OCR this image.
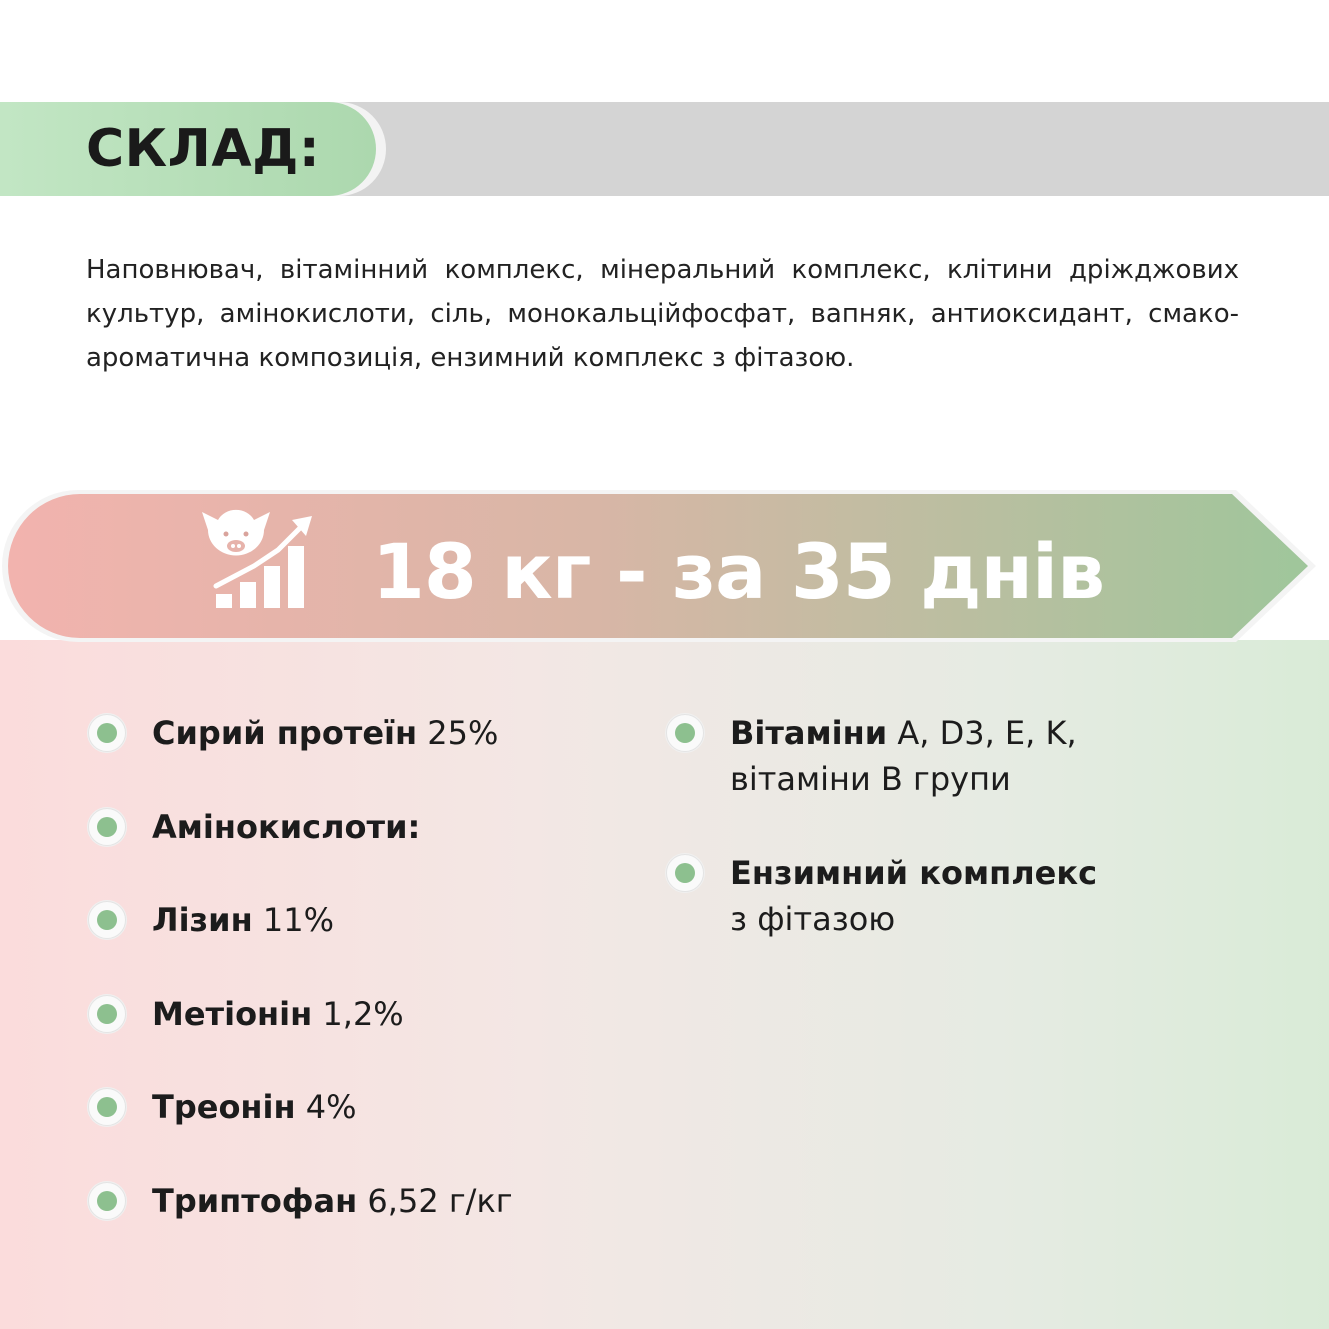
СКЛАД:

Наповнювач, вітамінний комплекс, мінеральний комплекс, клітини дріжджових культур, амінокислоти, сіль, монокальційфосфат, вапняк, антиоксидант, смако-ароматична композиція, ензимний комплекс з фітазою.

18 кг - за 35 днів
Сирий протеїн 25%
Амінокислоти:
Лізин 11%
Метіонін 1,2%
Треонін 4%
Триптофан 6,52 г/кг
Вітаміни A, D3, E, K,
вітаміни В групи
Ензимний комплекс
з фітазою
